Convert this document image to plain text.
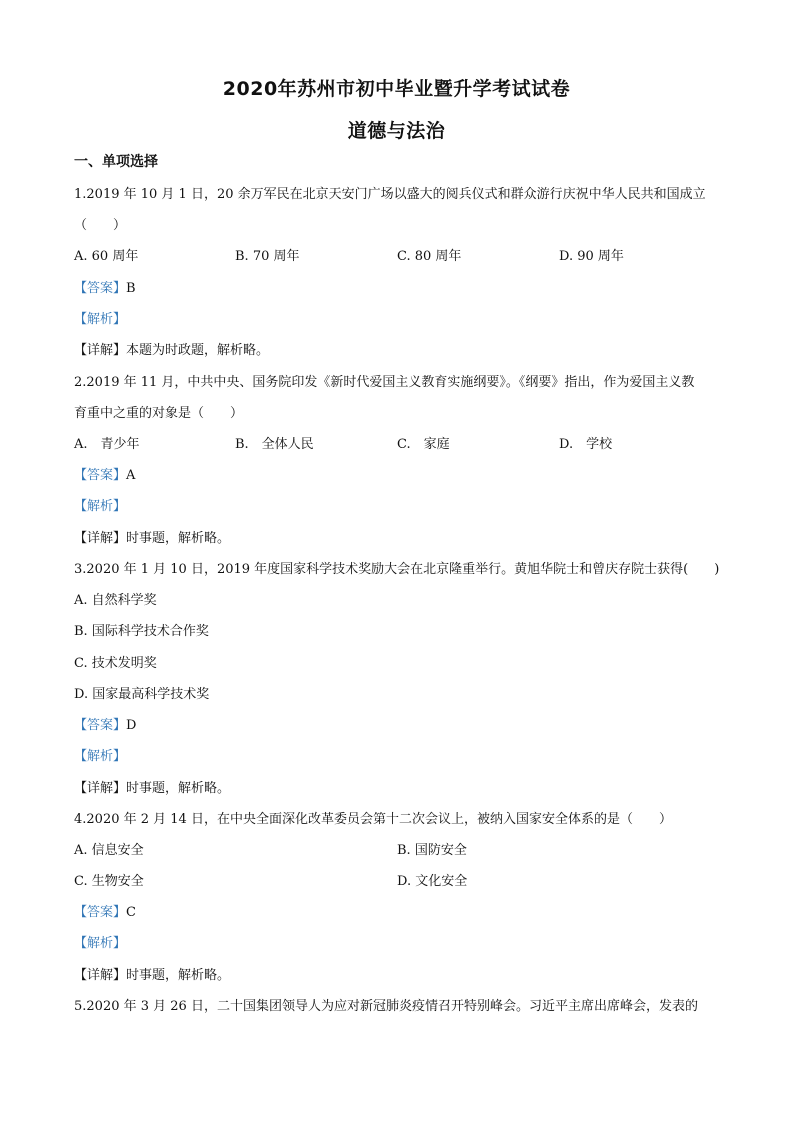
2020年苏州市初中毕业暨升学考试试卷
道德与法治
一、单项选择
1.2019 年 10 月 1 日，20 余万军民在北京天安门广场以盛大的阅兵仪式和群众游行庆祝中华人民共和国成立
（　　）
A. 60 周年	B. 70 周年	C. 80 周年	D. 90 周年
【答案】B
【解析】
【详解】本题为时政题，解析略。
2.2019 年 11 月，中共中央、国务院印发《新时代爱国主义教育实施纲要》。《纲要》指出，作为爱国主义教
育重中之重的对象是（　　）
A.　青少年	B.　全体人民	C.　家庭	D.　学校
【答案】A
【解析】
【详解】时事题，解析略。
3.2020 年 1 月 10 日，2019 年度国家科学技术奖励大会在北京隆重举行。黄旭华院士和曾庆存院士获得(　　)
A. 自然科学奖
B. 国际科学技术合作奖
C. 技术发明奖
D. 国家最高科学技术奖
【答案】D
【解析】
【详解】时事题，解析略。
4.2020 年 2 月 14 日，在中央全面深化改革委员会第十二次会议上，被纳入国家安全体系的是（　　）
A. 信息安全	B. 国防安全
C. 生物安全	D. 文化安全
【答案】C
【解析】
【详解】时事题，解析略。
5.2020 年 3 月 26 日，二十国集团领导人为应对新冠肺炎疫情召开特别峰会。习近平主席出席峰会，发表的
